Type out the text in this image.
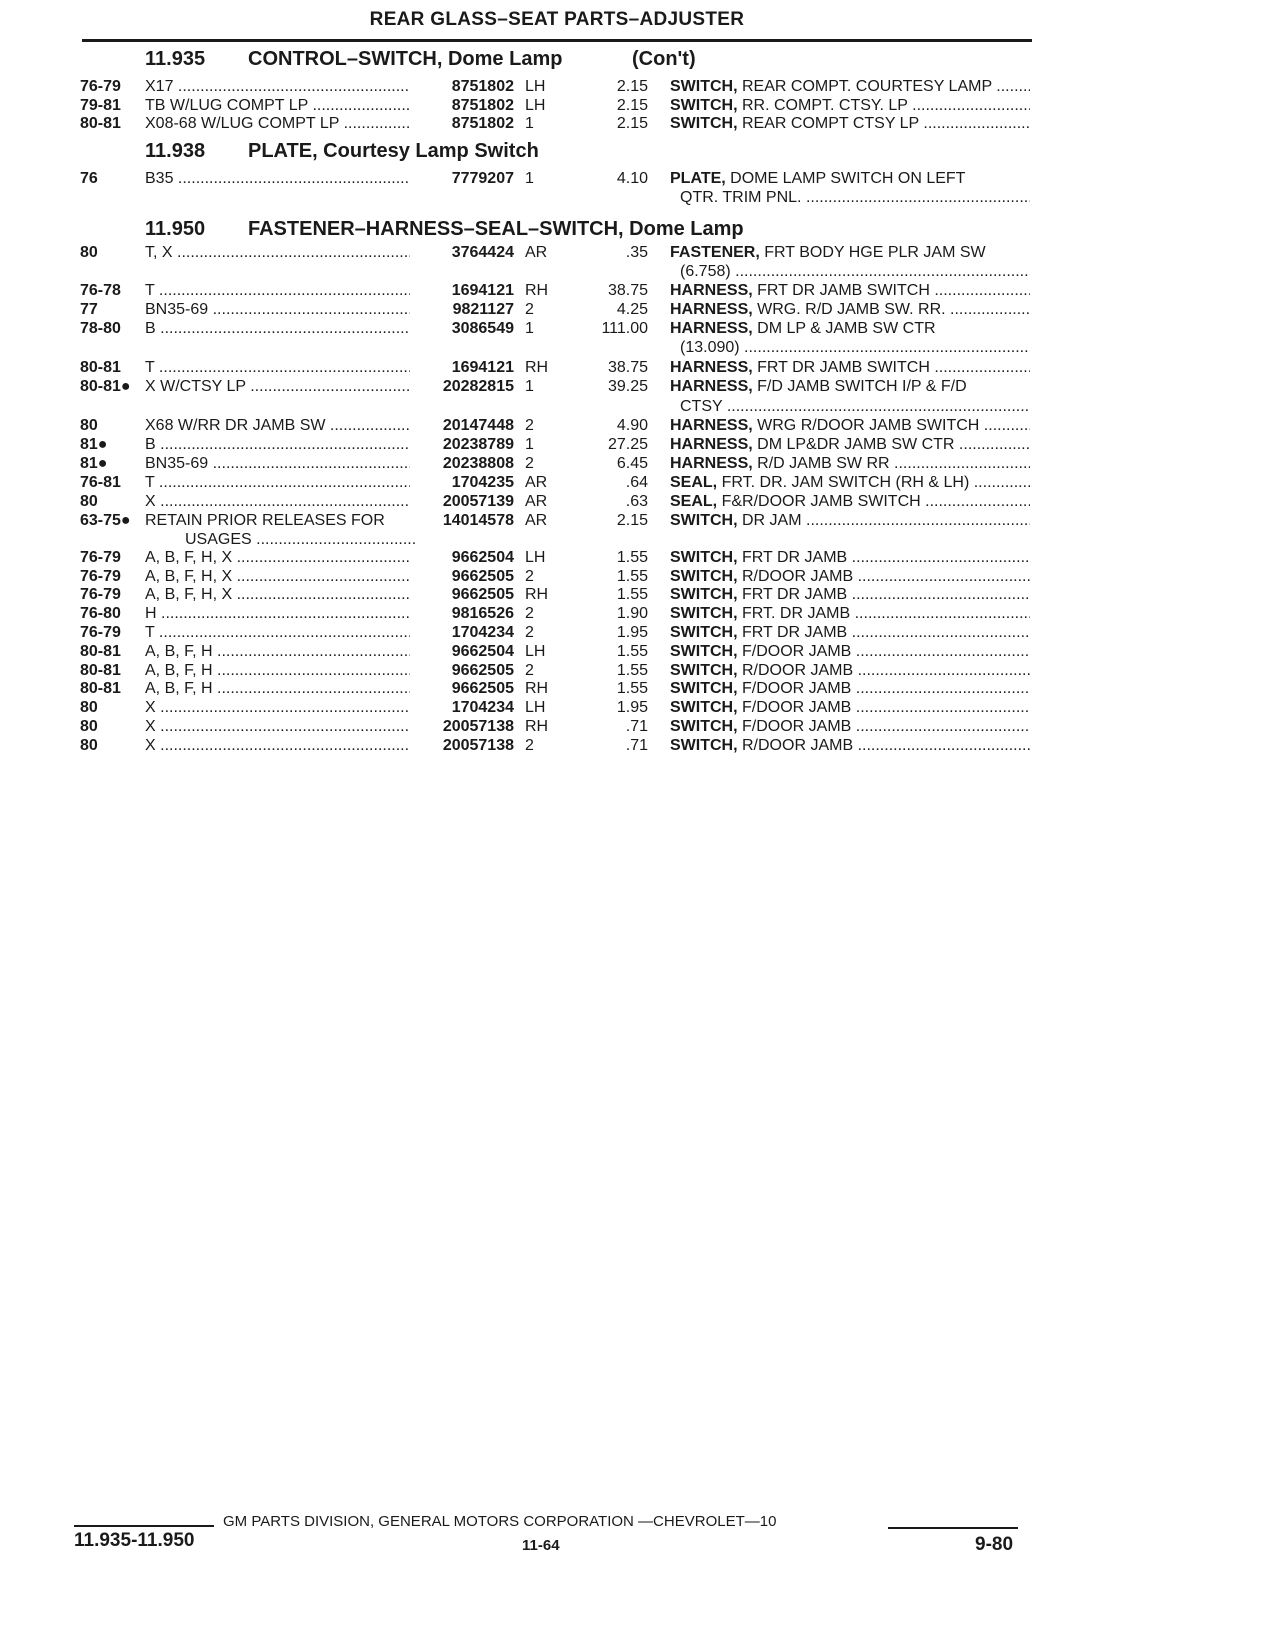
REAR GLASS–SEAT PARTS–ADJUSTER
11.935 CONTROL–SWITCH, Dome Lamp	(Con't)
76-79 X17 .....	8751802 LH	2.15 SWITCH, REAR COMPT. COURTESY LAMP .....
79-81 TB W/LUG COMPT LP .....	8751802 LH	2.15 SWITCH, RR. COMPT. CTSY. LP .....
80-81 X08-68 W/LUG COMPT LP .....	8751802 1	2.15 SWITCH, REAR COMPT CTSY LP .....
11.938 PLATE, Courtesy Lamp Switch
76	B35 .....	7779207 1	4.10 PLATE, DOME LAMP SWITCH ON LEFT
QTR. TRIM PNL. .....
11.950 FASTENER–HARNESS–SEAL–SWITCH, Dome Lamp
80	T, X .....	3764424 AR	.35 FASTENER, FRT BODY HGE PLR JAM SW
(6.758) .....
76-78 T .....	1694121 RH	38.75 HARNESS, FRT DR JAMB SWITCH .....
77	BN35-69 .....	9821127 2	4.25 HARNESS, WRG. R/D JAMB SW. RR. .....
78-80 B .....	3086549 1	111.00 HARNESS, DM LP & JAMB SW CTR
(13.090) .....
80-81 T .....	1694121 RH	38.75 HARNESS, FRT DR JAMB SWITCH .....
80-81● X W/CTSY LP .....	20282815 1	39.25 HARNESS, F/D JAMB SWITCH I/P & F/D
CTSY .....
80	X68 W/RR DR JAMB SW .....	20147448 2	4.90 HARNESS, WRG R/DOOR JAMB SWITCH .....
81● B .....	20238789 1	27.25 HARNESS, DM LP&DR JAMB SW CTR .....
81● BN35-69 .....	20238808 2	6.45 HARNESS, R/D JAMB SW RR .....
76-81 T .....	1704235 AR	.64 SEAL, FRT. DR. JAM SWITCH (RH & LH) .....
80	X .....	20057139 AR	.63 SEAL, F&R/DOOR JAMB SWITCH .....
63-75● RETAIN PRIOR RELEASES FOR	14014578 AR	2.15 SWITCH, DR JAM .....
USAGES .....
76-79 A, B, F, H, X .....	9662504 LH	1.55 SWITCH, FRT DR JAMB .....
76-79 A, B, F, H, X .....	9662505 2	1.55 SWITCH, R/DOOR JAMB .....
76-79 A, B, F, H, X .....	9662505 RH	1.55 SWITCH, FRT DR JAMB .....
76-80 H .....	9816526 2	1.90 SWITCH, FRT. DR JAMB .....
76-79 T .....	1704234 2	1.95 SWITCH, FRT DR JAMB .....
80-81 A, B, F, H .....	9662504 LH	1.55 SWITCH, F/DOOR JAMB .....
80-81 A, B, F, H .....	9662505 2	1.55 SWITCH, R/DOOR JAMB .....
80-81 A, B, F, H .....	9662505 RH	1.55 SWITCH, F/DOOR JAMB .....
80	X .....	1704234 LH	1.95 SWITCH, F/DOOR JAMB .....
80	X .....	20057138 RH	.71 SWITCH, F/DOOR JAMB .....
80	X .....	20057138 2	.71 SWITCH, R/DOOR JAMB .....
GM PARTS DIVISION, GENERAL MOTORS CORPORATION —CHEVROLET—10
11.935-11.950	11-64	9-80
